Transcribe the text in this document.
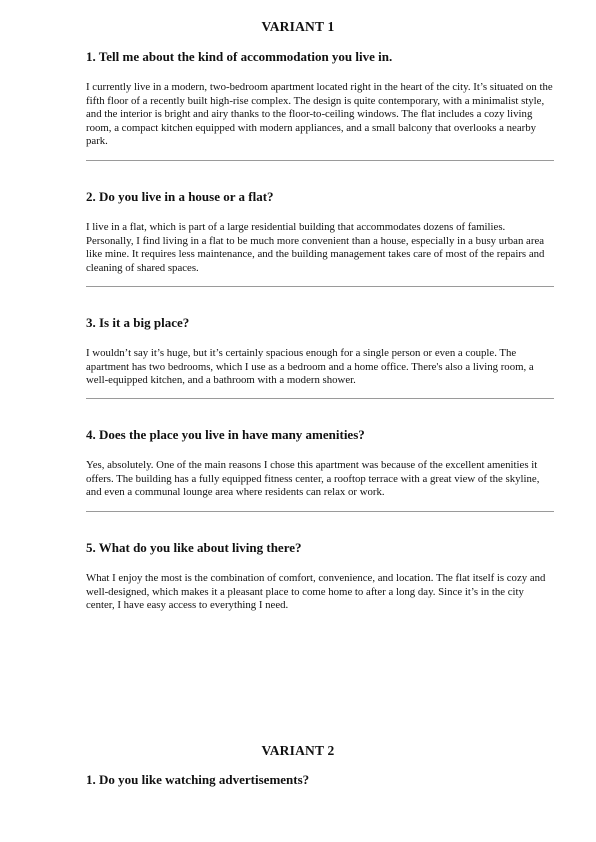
VARIANT 1
1. Tell me about the kind of accommodation you live in.

I currently live in a modern, two-bedroom apartment located right in the heart of the city. It’s situated on the fifth floor of a recently built high-rise complex. The design is quite contemporary, with a minimalist style, and the interior is bright and airy thanks to the floor-to-ceiling windows. The flat includes a cozy living room, a compact kitchen equipped with modern appliances, and a small balcony that overlooks a nearby park.

2. Do you live in a house or a flat?

I live in a flat, which is part of a large residential building that accommodates dozens of families. Personally, I find living in a flat to be much more convenient than a house, especially in a busy urban area like mine. It requires less maintenance, and the building management takes care of most of the repairs and cleaning of shared spaces.

3. Is it a big place?

I wouldn’t say it’s huge, but it’s certainly spacious enough for a single person or even a couple. The apartment has two bedrooms, which I use as a bedroom and a home office. There's also a living room, a well-equipped kitchen, and a bathroom with a modern shower.

4. Does the place you live in have many amenities?

Yes, absolutely. One of the main reasons I chose this apartment was because of the excellent amenities it offers. The building has a fully equipped fitness center, a rooftop terrace with a great view of the skyline, and even a communal lounge area where residents can relax or work.

5. What do you like about living there?

What I enjoy the most is the combination of comfort, convenience, and location. The flat itself is cozy and well-designed, which makes it a pleasant place to come home to after a long day. Since it’s in the city center, I have easy access to everything I need.

VARIANT 2
1. Do you like watching advertisements?
